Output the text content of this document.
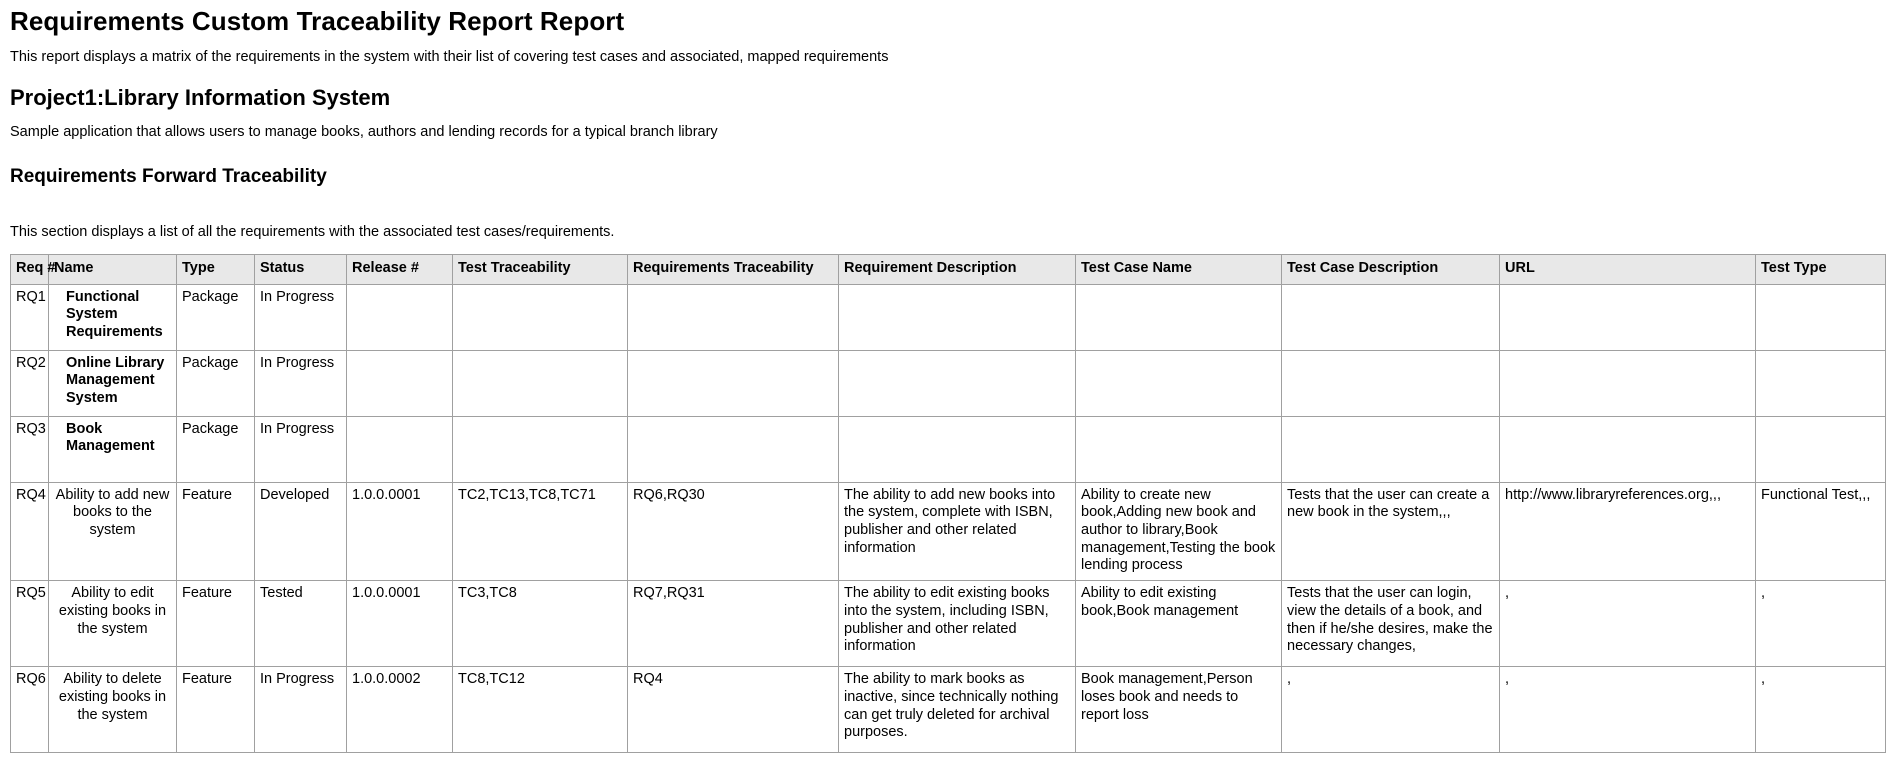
Requirements Custom Traceability Report Report

This report displays a matrix of the requirements in the system with their list of covering test cases and associated, mapped requirements

Project1:Library Information System

Sample application that allows users to manage books, authors and lending records for a typical branch library

Requirements Forward Traceability

This section displays a list of all the requirements with the associated test cases/requirements.

Req #	Name	Type	Status	Release #	Test Traceability	Requirements Traceability	Requirement Description	Test Case Name	Test Case Description	URL	Test Type
RQ1	Functional System Requirements	Package	In Progress								
RQ2	Online Library Management System	Package	In Progress								
RQ3	Book Management	Package	In Progress								
RQ4	Ability to add new books to the system	Feature	Developed	1.0.0.0001	TC2,TC13,TC8,TC71	RQ6,RQ30	The ability to add new books into the system, complete with ISBN, publisher and other related information	Ability to create new book,Adding new book and author to library,Book management,Testing the book lending process	Tests that the user can create a new book in the system,,,	http://www.libraryreferences.org,,,	Functional Test,,,
RQ5	Ability to edit existing books in the system	Feature	Tested	1.0.0.0001	TC3,TC8	RQ7,RQ31	The ability to edit existing books into the system, including ISBN, publisher and other related information	Ability to edit existing book,Book management	Tests that the user can login, view the details of a book, and then if he/she desires, make the necessary changes,	,	,
RQ6	Ability to delete existing books in the system	Feature	In Progress	1.0.0.0002	TC8,TC12	RQ4	The ability to mark books as inactive, since technically nothing can get truly deleted for archival purposes.	Book management,Person loses book and needs to report loss	,	,	,
